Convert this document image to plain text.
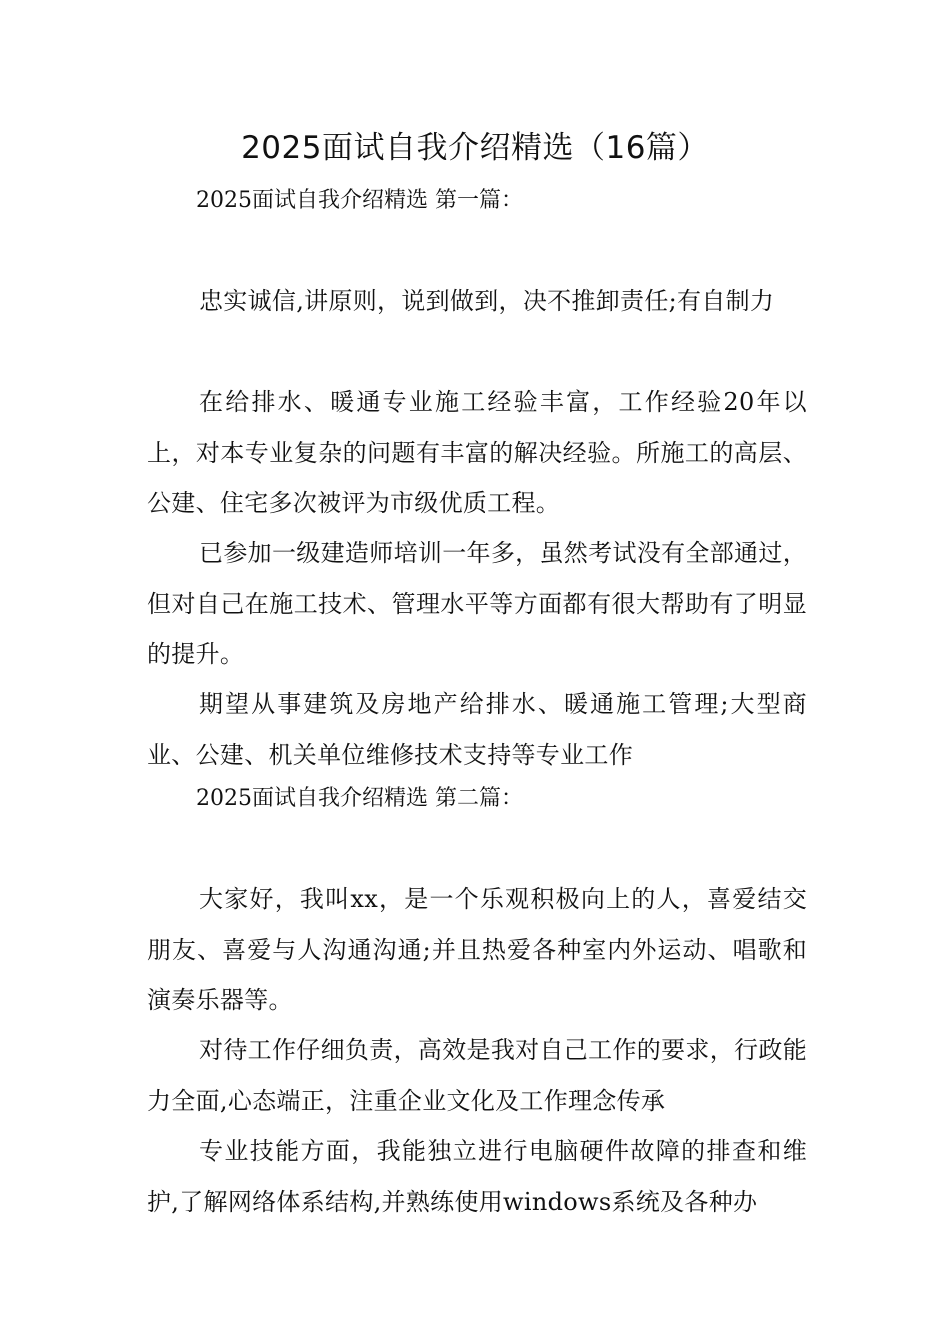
2025面试自我介绍精选（16篇）

2025面试自我介绍精选 第一篇：

忠实诚信,讲原则，说到做到，决不推卸责任;有自制力

在给排水、暖通专业施工经验丰富，工作经验20年以上，对本专业复杂的问题有丰富的解决经验。所施工的高层、公建、住宅多次被评为市级优质工程。

已参加一级建造师培训一年多，虽然考试没有全部通过，但对自己在施工技术、管理水平等方面都有很大帮助有了明显的提升。

期望从事建筑及房地产给排水、暖通施工管理;大型商业、公建、机关单位维修技术支持等专业工作

2025面试自我介绍精选 第二篇：

大家好，我叫xx，是一个乐观积极向上的人，喜爱结交朋友、喜爱与人沟通沟通;并且热爱各种室内外运动、唱歌和演奏乐器等。

对待工作仔细负责，高效是我对自己工作的要求，行政能力全面,心态端正，注重企业文化及工作理念传承

专业技能方面，我能独立进行电脑硬件故障的排查和维护,了解网络体系结构,并熟练使用windows系统及各种办
